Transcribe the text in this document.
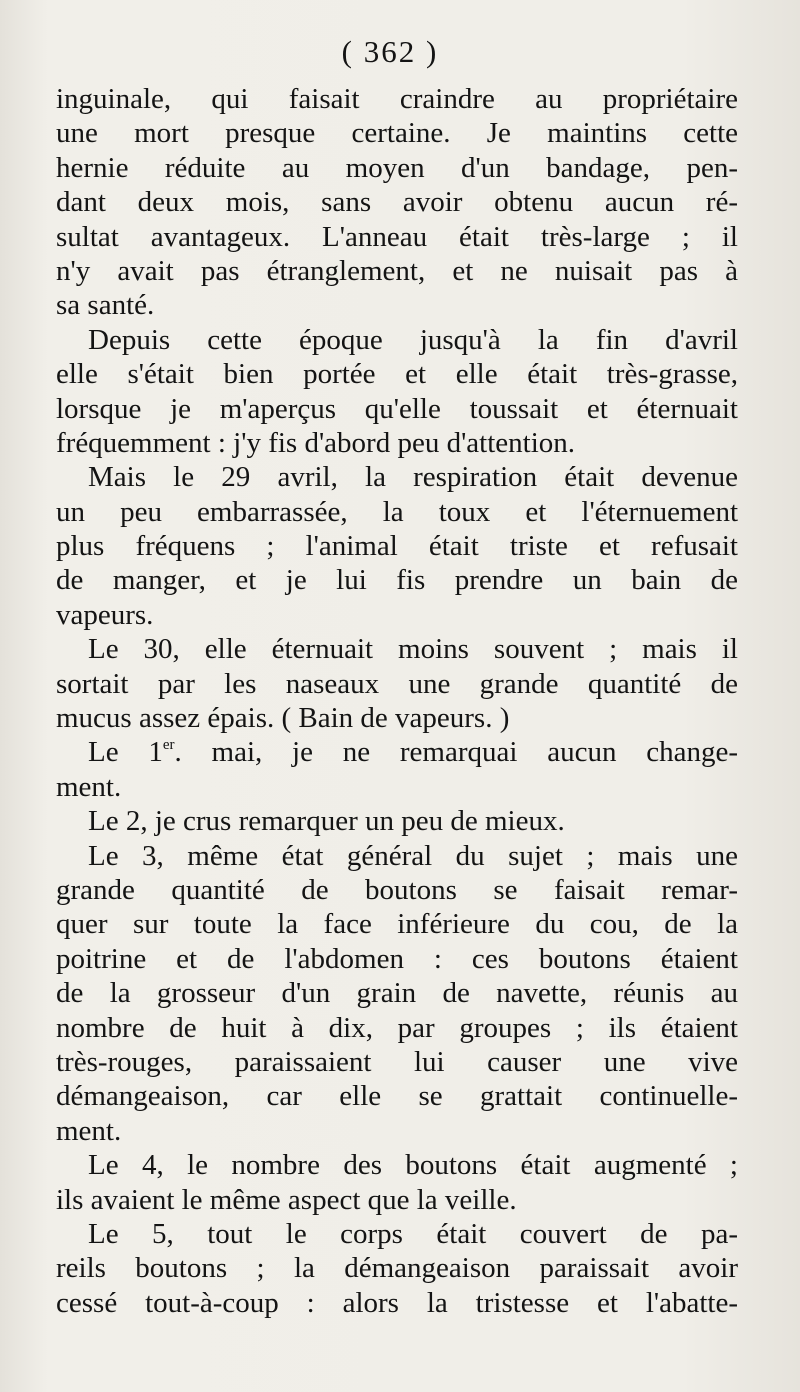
( 362 )
inguinale, qui faisait craindre au propriétaire
une mort presque certaine. Je maintins cette
hernie réduite au moyen d'un bandage, pen-
dant deux mois, sans avoir obtenu aucun ré-
sultat avantageux. L'anneau était très-large ; il
n'y avait pas étranglement, et ne nuisait pas à
sa santé.
Depuis cette époque jusqu'à la fin d'avril
elle s'était bien portée et elle était très-grasse,
lorsque je m'aperçus qu'elle toussait et éternuait
fréquemment : j'y fis d'abord peu d'attention.
Mais le 29 avril, la respiration était devenue
un peu embarrassée, la toux et l'éternuement
plus fréquens ; l'animal était triste et refusait
de manger, et je lui fis prendre un bain de
vapeurs.
Le 30, elle éternuait moins souvent ; mais il
sortait par les naseaux une grande quantité de
mucus assez épais. ( Bain de vapeurs. )
Le 1er. mai, je ne remarquai aucun change-
ment.
Le 2, je crus remarquer un peu de mieux.
Le 3, même état général du sujet ; mais une
grande quantité de boutons se faisait remar-
quer sur toute la face inférieure du cou, de la
poitrine et de l'abdomen : ces boutons étaient
de la grosseur d'un grain de navette, réunis au
nombre de huit à dix, par groupes ; ils étaient
très-rouges, paraissaient lui causer une vive
démangeaison, car elle se grattait continuelle-
ment.
Le 4, le nombre des boutons était augmenté ;
ils avaient le même aspect que la veille.
Le 5, tout le corps était couvert de pa-
reils boutons ; la démangeaison paraissait avoir
cessé tout-à-coup : alors la tristesse et l'abatte-
